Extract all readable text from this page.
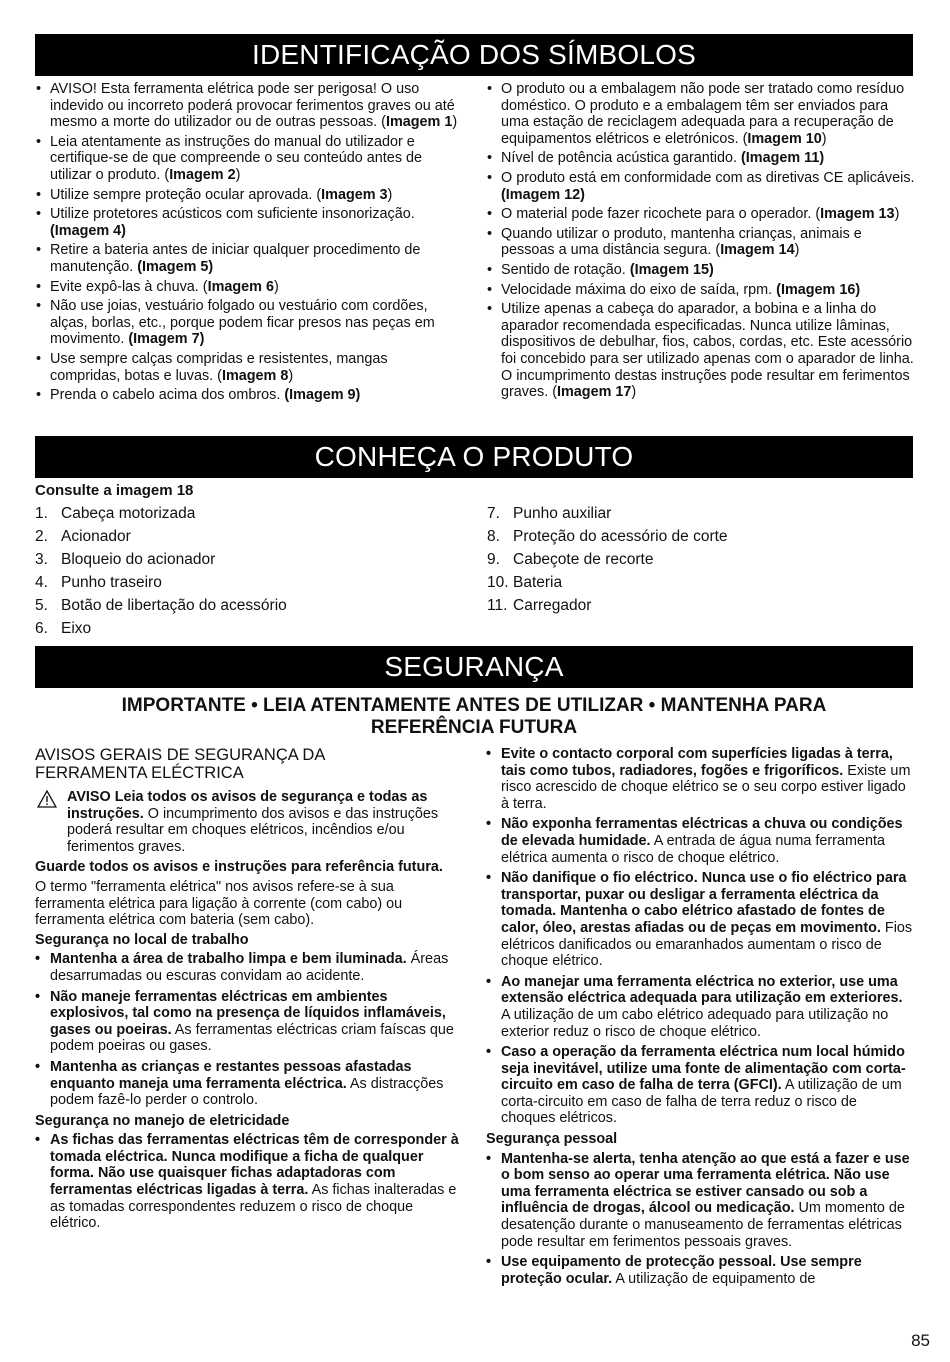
IDENTIFICAÇÃO DOS SÍMBOLOS
• AVISO! Esta ferramenta elétrica pode ser perigosa! O uso indevido ou incorreto poderá provocar ferimentos graves ou até mesmo a morte do utilizador ou de outras pessoas. (Imagem 1)
• Leia atentamente as instruções do manual do utilizador e certifique-se de que compreende o seu conteúdo antes de utilizar o produto. (Imagem 2)
• Utilize sempre proteção ocular aprovada. (Imagem 3)
• Utilize protetores acústicos com suficiente insonorização. (Imagem 4)
• Retire a bateria antes de iniciar qualquer procedimento de manutenção. (Imagem 5)
• Evite expô-las à chuva. (Imagem 6)
• Não use joias, vestuário folgado ou vestuário com cordões, alças, borlas, etc., porque podem ficar presos nas peças em movimento. (Imagem 7)
• Use sempre calças compridas e resistentes, mangas compridas, botas e luvas. (Imagem 8)
• Prenda o cabelo acima dos ombros. (Imagem 9)
• O produto ou a embalagem não pode ser tratado como resíduo doméstico. O produto e a embalagem têm ser enviados para uma estação de reciclagem adequada para a recuperação de equipamentos elétricos e eletrónicos. (Imagem 10)
• Nível de potência acústica garantido. (Imagem 11)
• O produto está em conformidade com as diretivas CE aplicáveis. (Imagem 12)
• O material pode fazer ricochete para o operador. (Imagem 13)
• Quando utilizar o produto, mantenha crianças, animais e pessoas a uma distância segura. (Imagem 14)
• Sentido de rotação. (Imagem 15)
• Velocidade máxima do eixo de saída, rpm. (Imagem 16)
• Utilize apenas a cabeça do aparador, a bobina e a linha do aparador recomendada especificadas. Nunca utilize lâminas, dispositivos de debulhar, fios, cabos, cordas, etc. Este acessório foi concebido para ser utilizado apenas com o aparador de linha. O incumprimento destas instruções pode resultar em ferimentos graves. (Imagem 17)
CONHEÇA O PRODUTO
Consulte a imagem 18
1. Cabeça motorizada
2. Acionador
3. Bloqueio do acionador
4. Punho traseiro
5. Botão de libertação do acessório
6. Eixo
7. Punho auxiliar
8. Proteção do acessório de corte
9. Cabeçote de recorte
10. Bateria
11. Carregador
SEGURANÇA
IMPORTANTE • LEIA ATENTAMENTE ANTES DE UTILIZAR • MANTENHA PARA
REFERÊNCIA FUTURA
AVISOS GERAIS DE SEGURANÇA DA FERRAMENTA ELÉCTRICA
AVISO Leia todos os avisos de segurança e todas as instruções. O incumprimento dos avisos e das instruções poderá resultar em choques elétricos, incêndios e/ou ferimentos graves.
Guarde todos os avisos e instruções para referência futura.
O termo "ferramenta elétrica" nos avisos refere-se à sua ferramenta elétrica para ligação à corrente (com cabo) ou ferramenta elétrica com bateria (sem cabo).
Segurança no local de trabalho
• Mantenha a área de trabalho limpa e bem iluminada. Áreas desarrumadas ou escuras convidam ao acidente.
• Não maneje ferramentas eléctricas em ambientes explosivos, tal como na presença de líquidos inflamáveis, gases ou poeiras. As ferramentas eléctricas criam faíscas que podem poeiras ou gases.
• Mantenha as crianças e restantes pessoas afastadas enquanto maneja uma ferramenta eléctrica. As distracções podem fazê-lo perder o controlo.
Segurança no manejo de eletricidade
• As fichas das ferramentas eléctricas têm de corresponder à tomada eléctrica. Nunca modifique a ficha de qualquer forma. Não use quaisquer fichas adaptadoras com ferramentas eléctricas ligadas à terra. As fichas inalteradas e as tomadas correspondentes reduzem o risco de choque elétrico.
• Evite o contacto corporal com superfícies ligadas à terra, tais como tubos, radiadores, fogões e frigoríficos. Existe um risco acrescido de choque elétrico se o seu corpo estiver ligado à terra.
• Não exponha ferramentas eléctricas a chuva ou condições de elevada humidade. A entrada de água numa ferramenta elétrica aumenta o risco de choque elétrico.
• Não danifique o fio eléctrico. Nunca use o fio eléctrico para transportar, puxar ou desligar a ferramenta eléctrica da tomada. Mantenha o cabo elétrico afastado de fontes de calor, óleo, arestas afiadas ou de peças em movimento. Fios elétricos danificados ou emaranhados aumentam o risco de choque elétrico.
• Ao manejar uma ferramenta eléctrica no exterior, use uma extensão eléctrica adequada para utilização em exteriores. A utilização de um cabo elétrico adequado para utilização no exterior reduz o risco de choque elétrico.
• Caso a operação da ferramenta eléctrica num local húmido seja inevitável, utilize uma fonte de alimentação com corta-circuito em caso de falha de terra (GFCI). A utilização de um corta-circuito em caso de falha de terra reduz o risco de choques elétricos.
Segurança pessoal
• Mantenha-se alerta, tenha atenção ao que está a fazer e use o bom senso ao operar uma ferramenta elétrica. Não use uma ferramenta eléctrica se estiver cansado ou sob a influência de drogas, álcool ou medicação. Um momento de desatenção durante o manuseamento de ferramentas elétricas pode resultar em ferimentos pessoais graves.
• Use equipamento de protecção pessoal. Use sempre proteção ocular. A utilização de equipamento de
85
